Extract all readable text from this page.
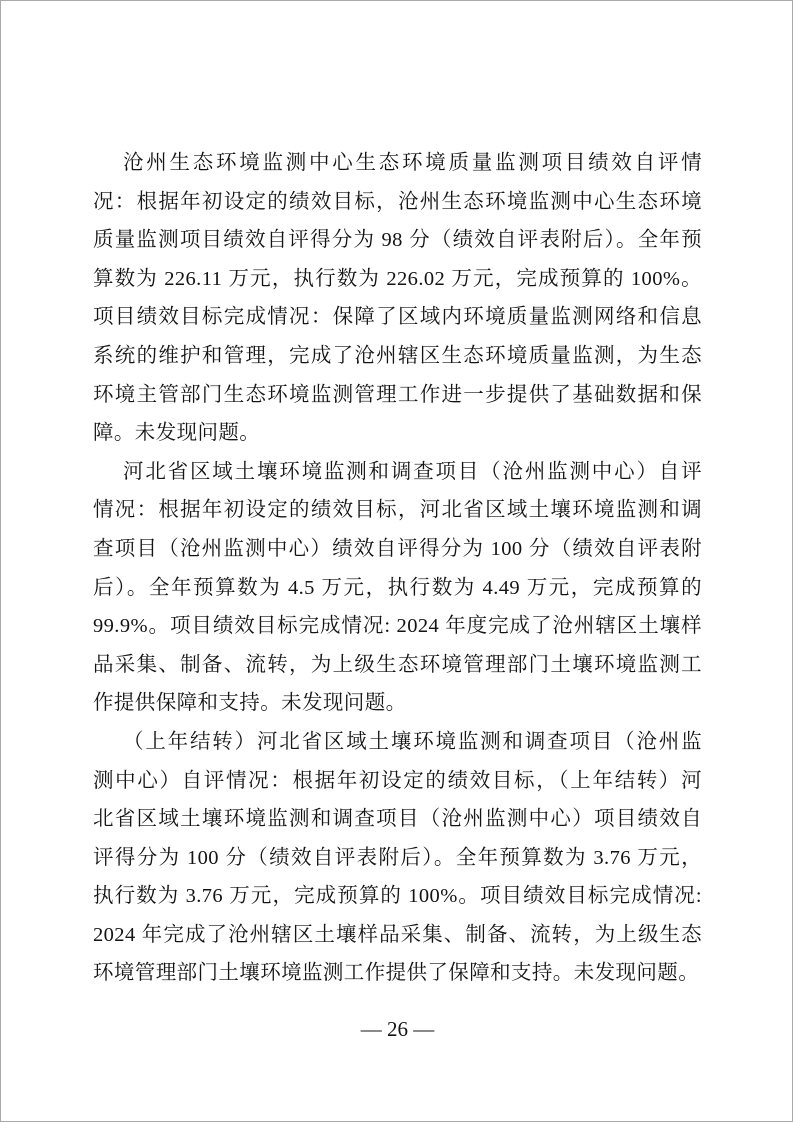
沧州生态环境监测中心生态环境质量监测项目绩效自评情
况：根据年初设定的绩效目标，沧州生态环境监测中心生态环境
质量监测项目绩效自评得分为 98 分（绩效自评表附后）。全年预
算数为 226.11 万元，执行数为 226.02 万元，完成预算的 100%。
项目绩效目标完成情况：保障了区域内环境质量监测网络和信息
系统的维护和管理，完成了沧州辖区生态环境质量监测，为生态
环境主管部门生态环境监测管理工作进一步提供了基础数据和保
障。未发现问题。
河北省区域土壤环境监测和调查项目（沧州监测中心）自评
情况：根据年初设定的绩效目标，河北省区域土壤环境监测和调
查项目（沧州监测中心）绩效自评得分为 100 分（绩效自评表附
后）。全年预算数为 4.5 万元，执行数为 4.49 万元，完成预算的
99.9%。项目绩效目标完成情况: 2024 年度完成了沧州辖区土壤样
品采集、制备、流转，为上级生态环境管理部门土壤环境监测工
作提供保障和支持。未发现问题。
（上年结转）河北省区域土壤环境监测和调查项目（沧州监
测中心）自评情况：根据年初设定的绩效目标，（上年结转）河
北省区域土壤环境监测和调查项目（沧州监测中心）项目绩效自
评得分为 100 分（绩效自评表附后）。全年预算数为 3.76 万元，
执行数为 3.76 万元，完成预算的 100%。项目绩效目标完成情况:
2024 年完成了沧州辖区土壤样品采集、制备、流转，为上级生态
环境管理部门土壤环境监测工作提供了保障和支持。未发现问题。
— 26 —
